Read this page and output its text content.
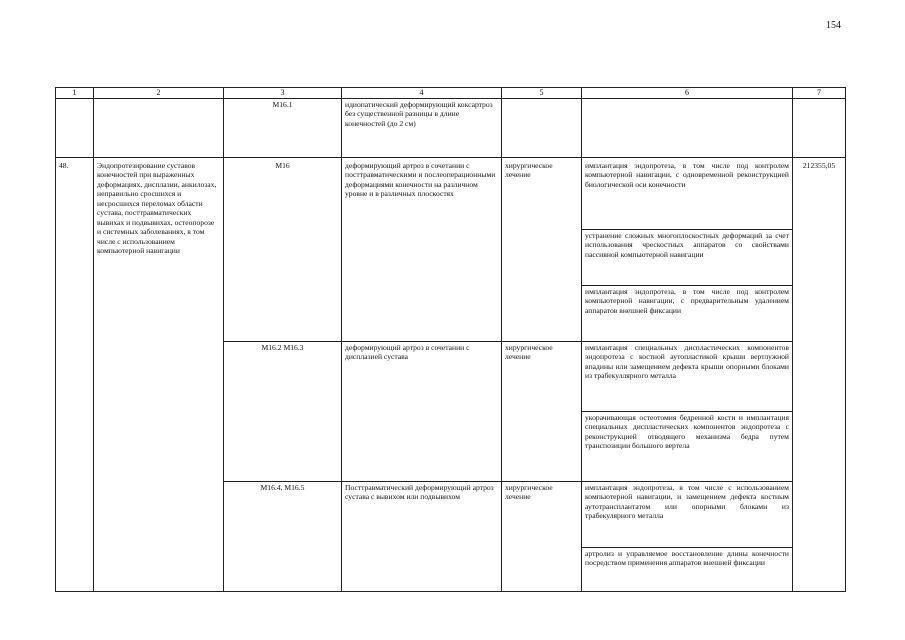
154
1	2	3	4	5	6	7
		M16.1	идиопатический деформирующий коксартроз без существенной разницы в длине конечностей (до 2 см)			
48.	Эндопротезирование суставов конечностей при выраженных деформациях, дисплазии, анкилозах, неправильно сросшихся и несросшихся переломах области сустава, посттравматических вывихах и подвывихах, остеопорозе и системных заболеваниях, в том числе с использованием компьютерной навигации	M16	деформирующий артроз в сочетании с посттравматическими и послеоперационными деформациями конечности на различном уровне и в различных плоскостях	хирургическое лечение	имплантация эндопротеза, в том числе под контролем компьютерной навигации, с одновременной реконструкцией биологической оси конечности	212355,05
					устранение сложных многоплоскостных деформаций за счет использования чрескостных аппаратов со свойствами пассивной компьютерной навигации	
					имплантация эндопротеза, в том числе под контролем компьютерной навигации, с предварительным удалением аппаратов внешней фиксации	
		M16.2 M16.3	деформирующий артроз в сочетании с дисплазией сустава	хирургическое лечение	имплантация специальных диспластических компонентов эндопротеза с костной аутопластикой крыши вертлужной впадины или замещением дефекта крыши опорными блоками из трабекуллярного металла	
					укорачивающая остеотомия бедренной кости и имплантация специальных диспластических компонентов эндопротеза с реконструкцией отводящего механизма бедра путем транспозиции большого вертела	
		M16.4, M16.5	Посттравматический деформирующий артроз сустава с вывихом или подвывихом	хирургическое лечение	имплантация эндопротеза, в том числе с использованием компьютерной навигации, и замещением дефекта костным аутотрансплантатом или опорными блоками из трабекулярного металла	
					артролиз и управляемое восстановление длины конечности посредством применения аппаратов внешней фиксации	
